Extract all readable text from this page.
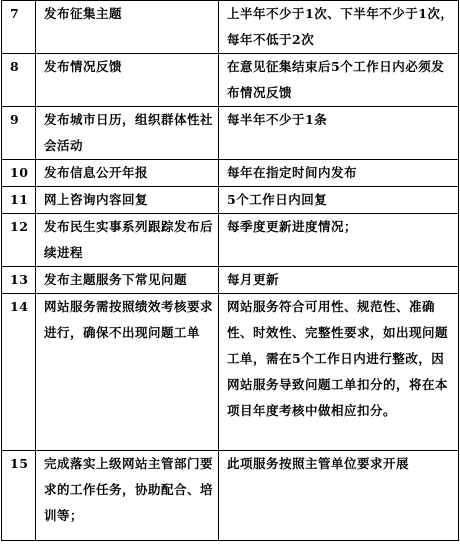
7	发布征集主题	上半年不少于1次、下半年不少于1次，每年不低于2次
8	发布情况反馈	在意见征集结束后5个工作日内必须发布情况反馈
9	发布城市日历，组织群体性社会活动	每半年不少于1条
10	发布信息公开年报	每年在指定时间内发布
11	网上咨询内容回复	5个工作日内回复
12	发布民生实事系列跟踪发布后续进程	每季度更新进度情况；
13	发布主题服务下常见问题	每月更新
14	网站服务需按照绩效考核要求进行，确保不出现问题工单	网站服务符合可用性、规范性、准确性、时效性、完整性要求，如出现问题工单，需在5个工作日内进行整改，因网站服务导致问题工单扣分的，将在本项目年度考核中做相应扣分。
15	完成落实上级网站主管部门要求的工作任务，协助配合、培训等；	此项服务按照主管单位要求开展
